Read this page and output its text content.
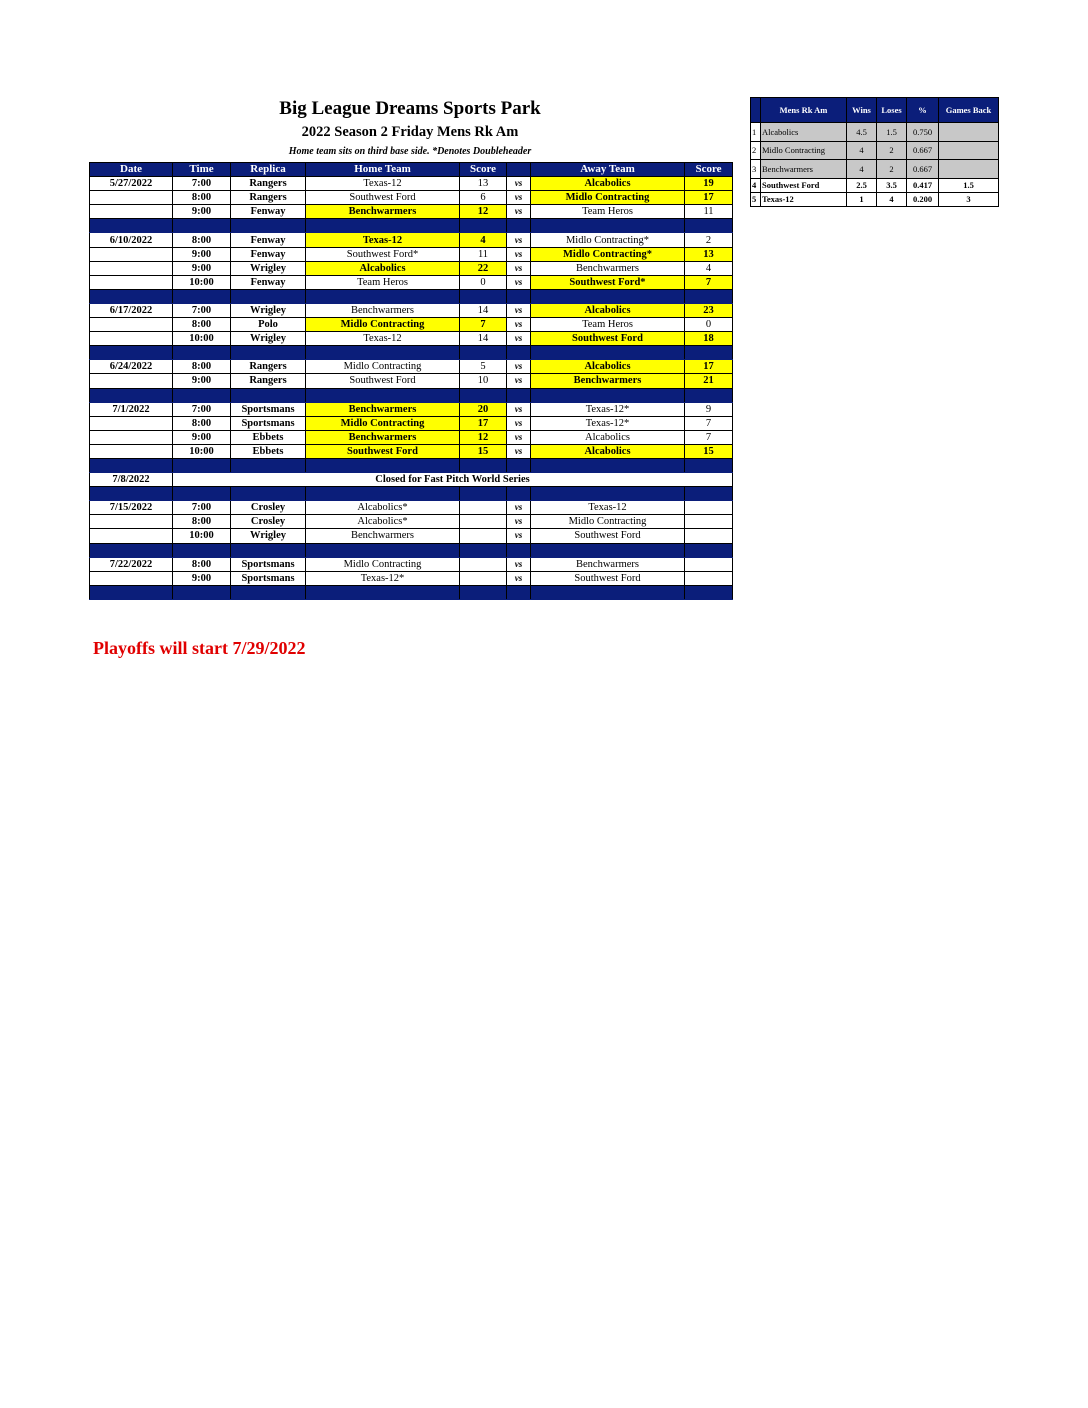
Big League Dreams Sports Park
2022 Season 2 Friday Mens Rk Am
Home team sits on third base side. *Denotes Doubleheader
Date	Time	Replica	Home Team	Score		Away Team	Score
5/27/2022	7:00	Rangers	Texas-12	13	vs	Alcabolics	19
	8:00	Rangers	Southwest Ford	6	vs	Midlo Contracting	17
	9:00	Fenway	Benchwarmers	12	vs	Team Heros	11

6/10/2022	8:00	Fenway	Texas-12	4	vs	Midlo Contracting*	2
	9:00	Fenway	Southwest Ford*	11	vs	Midlo Contracting*	13
	9:00	Wrigley	Alcabolics	22	vs	Benchwarmers	4
	10:00	Fenway	Team Heros	0	vs	Southwest Ford*	7

6/17/2022	7:00	Wrigley	Benchwarmers	14	vs	Alcabolics	23
	8:00	Polo	Midlo Contracting	7	vs	Team Heros	0
	10:00	Wrigley	Texas-12	14	vs	Southwest Ford	18

6/24/2022	8:00	Rangers	Midlo Contracting	5	vs	Alcabolics	17
	9:00	Rangers	Southwest Ford	10	vs	Benchwarmers	21

7/1/2022	7:00	Sportsmans	Benchwarmers	20	vs	Texas-12*	9
	8:00	Sportsmans	Midlo Contracting	17	vs	Texas-12*	7
	9:00	Ebbets	Benchwarmers	12	vs	Alcabolics	7
	10:00	Ebbets	Southwest Ford	15	vs	Alcabolics	15

7/8/2022	Closed for Fast Pitch World Series						

7/15/2022	7:00	Crosley	Alcabolics*		vs	Texas-12	
	8:00	Crosley	Alcabolics*		vs	Midlo Contracting	
	10:00	Wrigley	Benchwarmers		vs	Southwest Ford	

7/22/2022	8:00	Sportsmans	Midlo Contracting		vs	Benchwarmers	
	9:00	Sportsmans	Texas-12*		vs	Southwest Ford	

Playoffs will start 7/29/2022
	Mens Rk Am	Wins	Loses	%	Games Back
1	Alcabolics	4.5	1.5	0.750	
2	Midlo Contracting	4	2	0.667	
3	Benchwarmers	4	2	0.667	
4	Southwest Ford	2.5	3.5	0.417	1.5
5	Texas-12	1	4	0.200	3
